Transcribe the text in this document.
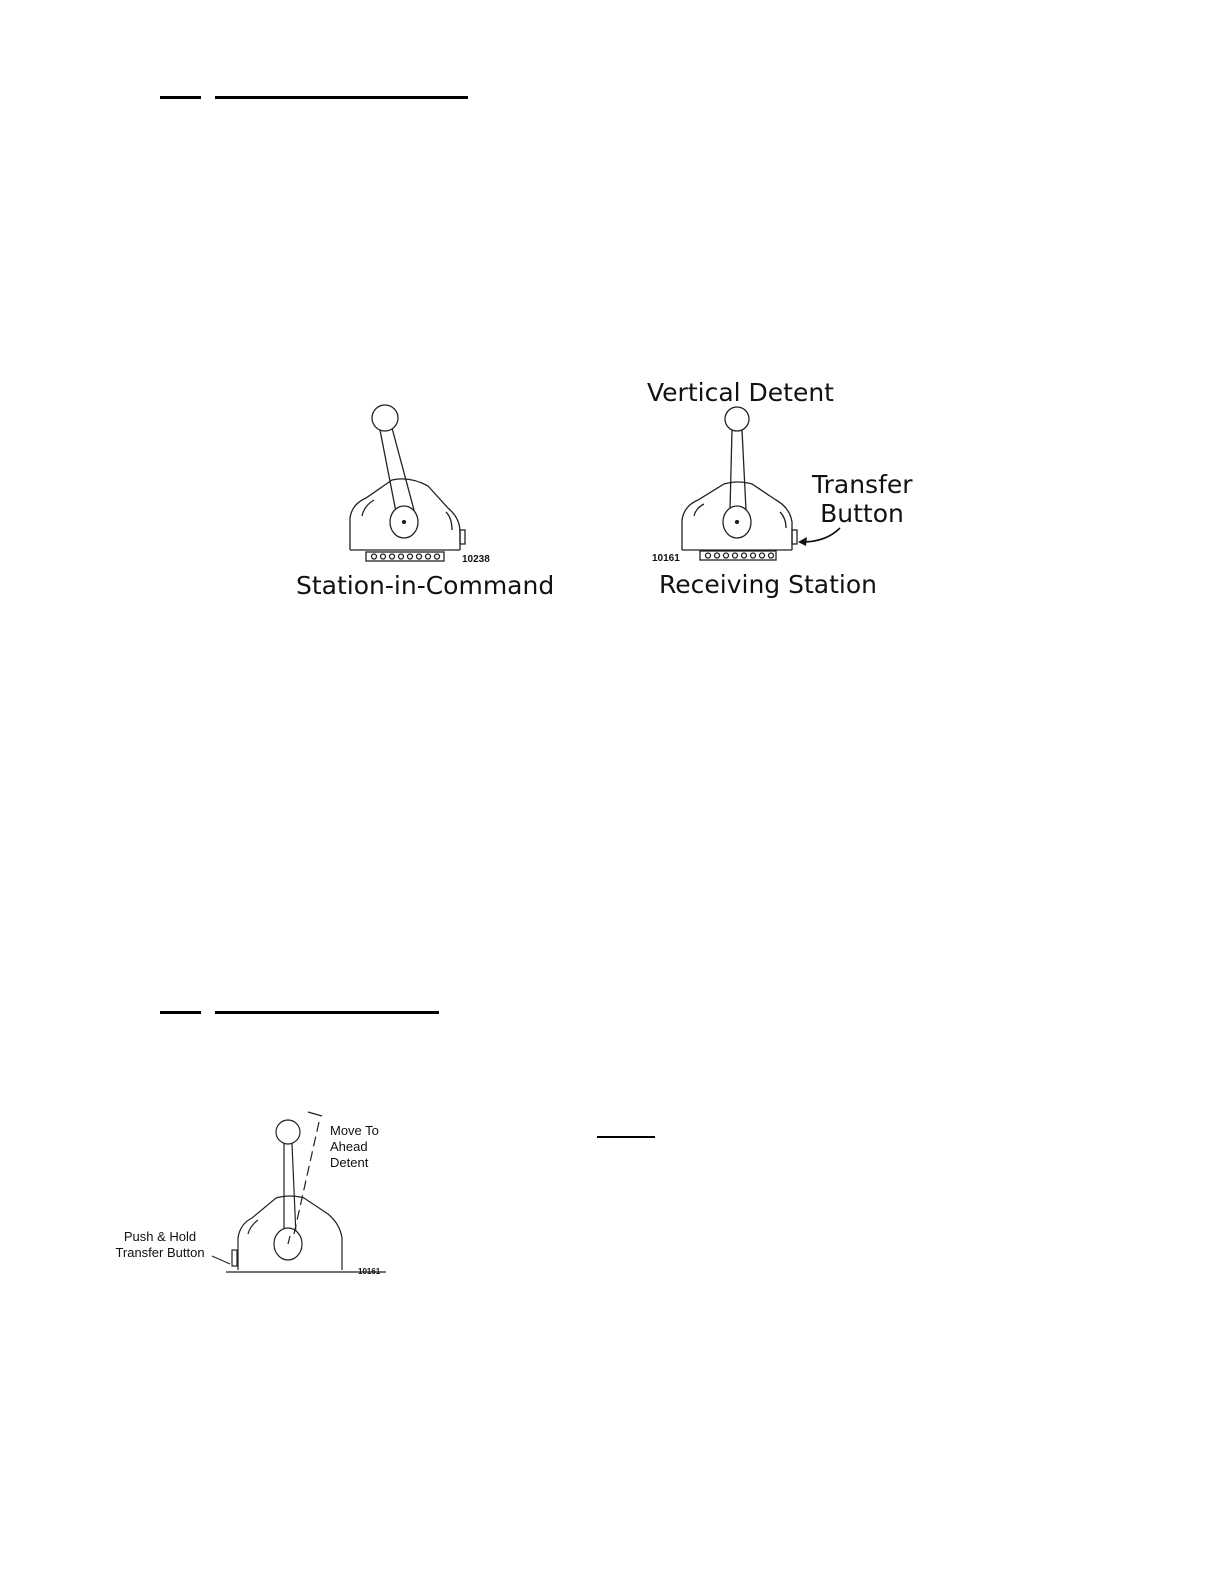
10238
Station-in-Command
Vertical Detent
Transfer
Button
10161
Receiving Station
Move To
Ahead
Detent
Push & Hold
Transfer Button
10161-
